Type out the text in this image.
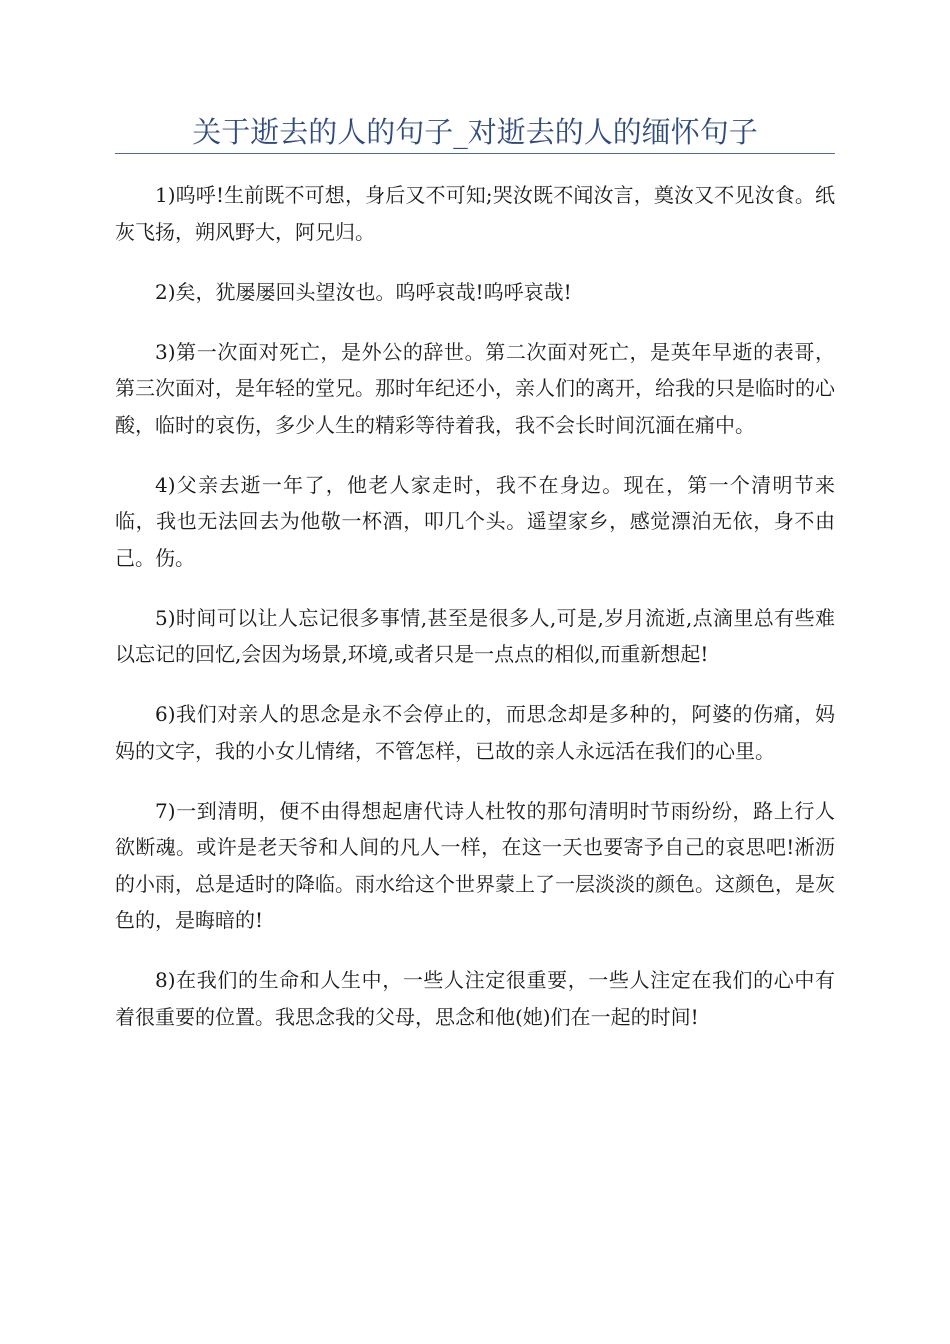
关于逝去的人的句子_对逝去的人的缅怀句子

1)呜呼!生前既不可想，身后又不可知;哭汝既不闻汝言，奠汝又不见汝食。纸灰飞扬，朔风野大，阿兄归。

2)矣，犹屡屡回头望汝也。呜呼哀哉!呜呼哀哉!

3)第一次面对死亡，是外公的辞世。第二次面对死亡，是英年早逝的表哥，第三次面对，是年轻的堂兄。那时年纪还小，亲人们的离开，给我的只是临时的心酸，临时的哀伤，多少人生的精彩等待着我，我不会长时间沉湎在痛中。

4)父亲去逝一年了，他老人家走时，我不在身边。现在，第一个清明节来临，我也无法回去为他敬一杯酒，叩几个头。遥望家乡，感觉漂泊无依，身不由己。伤。

5)时间可以让人忘记很多事情,甚至是很多人,可是,岁月流逝,点滴里总有些难以忘记的回忆,会因为场景,环境,或者只是一点点的相似,而重新想起!

6)我们对亲人的思念是永不会停止的，而思念却是多种的，阿婆的伤痛，妈妈的文字，我的小女儿情绪，不管怎样，已故的亲人永远活在我们的心里。

7)一到清明，便不由得想起唐代诗人杜牧的那句清明时节雨纷纷，路上行人欲断魂。或许是老天爷和人间的凡人一样，在这一天也要寄予自己的哀思吧!淅沥的小雨，总是适时的降临。雨水给这个世界蒙上了一层淡淡的颜色。这颜色，是灰色的，是晦暗的!

8)在我们的生命和人生中，一些人注定很重要，一些人注定在我们的心中有着很重要的位置。我思念我的父母，思念和他(她)们在一起的时间!
